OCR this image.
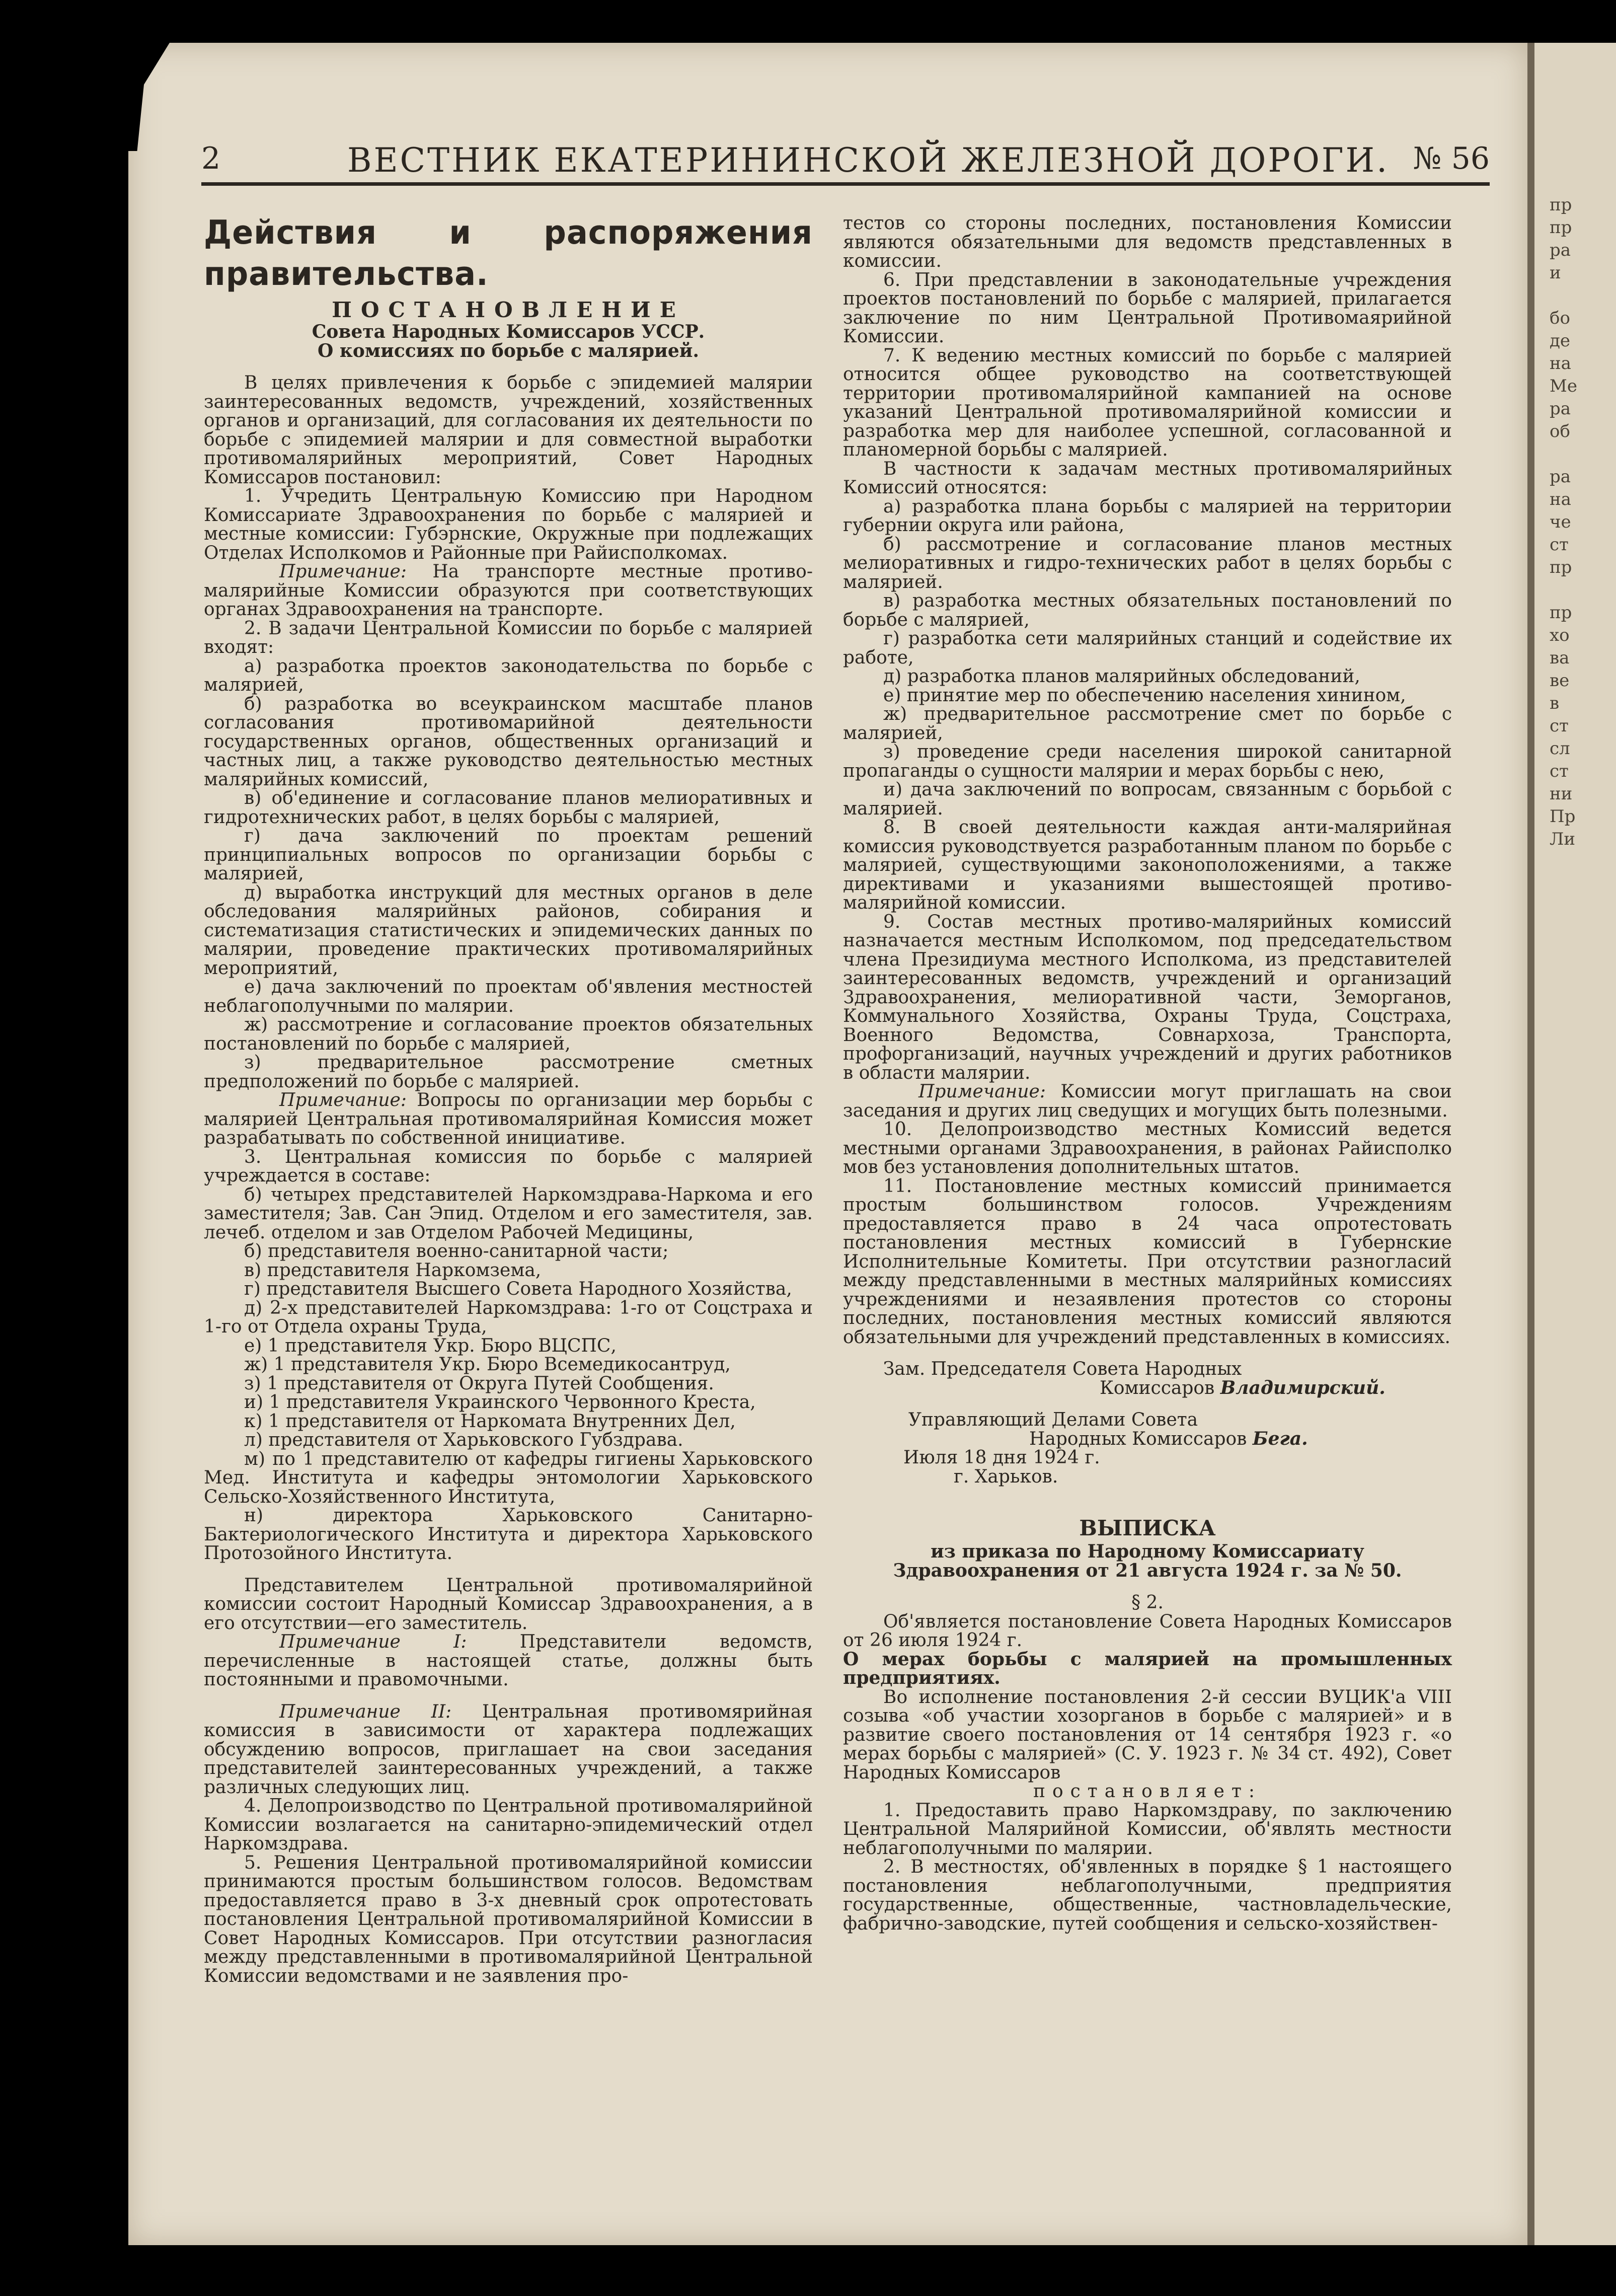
пр
пр
ра
и

бо
де
на
Ме
ра
об

ра
на
че
ст
пр

пр
хо
ва
ве
в
ст
сл
ст
ни
Пр
Ли
2	ВЕСТНИК ЕКАТЕРИНИНСКОЙ ЖЕЛЕЗНОЙ ДОРОГИ. № 56

Действия и распоряжения правительства.

ПОСТАНОВЛЕНИЕ

Совета Народных Комиссаров УССР.

О комиссиях по борьбе с малярией.

В целях привлечения к борьбе с эпидемией малярии заинтересованных ведомств, учреждений, хозяйственных органов и организаций, для согласования их деятельности по борьбе с эпидемией малярии и для совместной выработки противомалярийных мероприятий, Совет Народных Комиссаров постановил:

1. Учредить Центральную Комиссию при Народном Комиссариате Здравоохранения по борьбе с малярией и местные комиссии: Губэрнские, Окружные при подлежащих Отделах Исполкомов и Районные при Райисполкомах.

Примечание: На транспорте местные противо-малярийные Комиссии образуются при соответствующих органах Здравоохранения на транспорте.

2. В задачи Центральной Комиссии по борьбе с малярией входят:

а) разработка проектов законодательства по борьбе с малярией,

б) разработка во всеукраинском масштабе планов согласования противомарийной деятельности государственных органов, общественных организаций и частных лиц, а также руководство деятельностью местных малярийных комиссий,

в) об'единение и согласование планов мелиоративных и гидротехнических работ, в целях борьбы с малярией,

г) дача заключений по проектам решений принципиальных вопросов по организации борьбы с малярией,

д) выработка инструкций для местных органов в деле обследования малярийных районов, собирания и систематизация статистических и эпидемических данных по малярии, проведение практических противомалярийных мероприятий,

е) дача заключений по проектам об'явления местностей неблагополучными по малярии.

ж) рассмотрение и согласование проектов обязательных постановлений по борьбе с малярией,

з) предварительное рассмотрение сметных предположений по борьбе с малярией.

Примечание: Вопросы по организации мер борьбы с малярией Центральная противомалярийная Комиссия может разрабатывать по собственной инициативе.

3. Центральная комиссия по борьбе с малярией учреждается в составе:

б) четырех представителей Наркомздрава-Наркома и его заместителя; Зав. Сан Эпид. Отделом и его заместителя, зав. лечеб. отделом и зав Отделом Рабочей Медицины,

б) представителя военно-санитарной части;

в) представителя Наркомзема,

г) представителя Высшего Совета Народного Хозяйства,

д) 2-х представителей Наркомздрава: 1-го от Соцстраха и 1-го от Отдела охраны Труда,

е) 1 представителя Укр. Бюро ВЦСПС,

ж) 1 представителя Укр. Бюро Всемедикосантруд,

з) 1 представителя от Округа Путей Сообщения.

и) 1 представителя Украинского Червонного Креста,

к) 1 представителя от Наркомата Внутренних Дел,

л) представителя от Харьковского Губздрава.

м) по 1 представителю от кафедры гигиены Харьковского Мед. Института и кафедры энтомологии Харьковского Сельско-Хозяйственного Института,

н) директора Харьковского Санитарно-Бактериологического Института и директора Харьковского Протозойного Института.

Представителем Центральной противомалярийной комиссии состоит Народный Комиссар Здравоохранения, а в его отсутствии—его заместитель.

Примечание I: Представители ведомств, перечисленные в настоящей статье, должны быть постоянными и правомочными.

Примечание II: Центральная противомярийная комиссия в зависимости от характера подлежащих обсуждению вопросов, приглашает на свои заседания представителей заинтересованных учреждений, а также различных следующих лиц.

4. Делопроизводство по Центральной противомалярийной Комиссии возлагается на санитарно-эпидемический отдел Наркомздрава.

5. Решения Центральной противомалярийной комиссии принимаются простым большинством голосов. Ведомствам предоставляется право в 3-х дневный срок опротестовать постановления Центральной противомалярийной Комиссии в Совет Народных Комиссаров. При отсутствии разногласия между представленными в противомалярийной Центральной Комиссии ведомствами и не заявления про-

тестов со стороны последних, постановления Комиссии являются обязательными для ведомств представленных в комиссии.

6. При представлении в законодательные учреждения проектов постановлений по борьбе с малярией, прилагается заключение по ним Центральной Противомаярийной Комиссии.

7. К ведению местных комиссий по борьбе с малярией относится общее руководство на соответствующей территории противомалярийной кампанией на основе указаний Центральной противомалярийной комиссии и разработка мер для наиболее успешной, согласованной и планомерной борьбы с малярией.

В частности к задачам местных противомалярийных Комиссий относятся:

а) разработка плана борьбы с малярией на территории губернии округа или района,

б) рассмотрение и согласование планов местных мелиоративных и гидро-технических работ в целях борьбы с малярией.

в) разработка местных обязательных постановлений по борьбе с малярией,

г) разработка сети малярийных станций и содействие их работе,

д) разработка планов малярийных обследований,

е) принятие мер по обеспечению населения хинином,

ж) предварительное рассмотрение смет по борьбе с малярией,

з) проведение среди населения широкой санитарной пропаганды о сущности малярии и мерах борьбы с нею,

и) дача заключений по вопросам, связанным с борьбой с малярией.

8. В своей деятельности каждая анти-малярийная комиссия руководствуется разработанным планом по борьбе с малярией, существующими законоположениями, а также директивами и указаниями вышестоящей противо-малярийной комиссии.

9. Состав местных противо-малярийных комиссий назначается местным Исполкомом, под председательством члена Президиума местного Исполкома, из представителей заинтересованных ведомств, учреждений и организаций Здравоохранения, мелиоративной части, Земорганов, Коммунального Хозяйства, Охраны Труда, Соцстраха, Военного Ведомства, Совнархоза, Транспорта, профорганизаций, научных учреждений и других работников в области малярии.

Примечание: Комиссии могут приглашать на свои заседания и других лиц сведущих и могущих быть полезными.

10. Делопроизводство местных Комиссий ведется местными органами Здравоохранения, в районах Райисполко мов без установления дополнительных штатов.

11. Постановление местных комиссий принимается простым большинством голосов. Учреждениям предоставляется право в 24 часа опротестовать постановления местных комиссий в Губернские Исполнительные Комитеты. При отсутствии разногласий между представленными в местных малярийных комиссиях учреждениями и незаявления протестов со стороны последних, постановления местных комиссий являются обязательными для учреждений представленных в комиссиях.

Зам. Председателя Совета Народных

Комиссаров Владимирский.

Управляющий Делами Совета

Народных Комиссаров Бега.

Июля 18 дня 1924 г.

г. Харьков.

ВЫПИСКА

из приказа по Народному Комиссариату Здравоохранения от 21 августа 1924 г. за № 50.

§ 2.

Об'является постановление Совета Народных Комиссаров от 26 июля 1924 г.

О мерах борьбы с малярией на промышленных предприятиях.

Во исполнение постановления 2-й сессии ВУЦИК'а VIII созыва «об участии хозорганов в борьбе с малярией» и в развитие своего постановления от 14 сентября 1923 г. «о мерах борьбы с малярией» (С. У. 1923 г. № 34 ст. 492), Совет Народных Комиссаров

постановляет:

1. Предоставить право Наркомздраву, по заключению Центральной Малярийной Комиссии, об'являть местности неблагополучными по малярии.

2. В местностях, об'явленных в порядке § 1 настоящего постановления неблагополучными, предприятия государственные, общественные, частновладельческие, фабрично-заводские, путей сообщения и сельско-хозяйствен-
